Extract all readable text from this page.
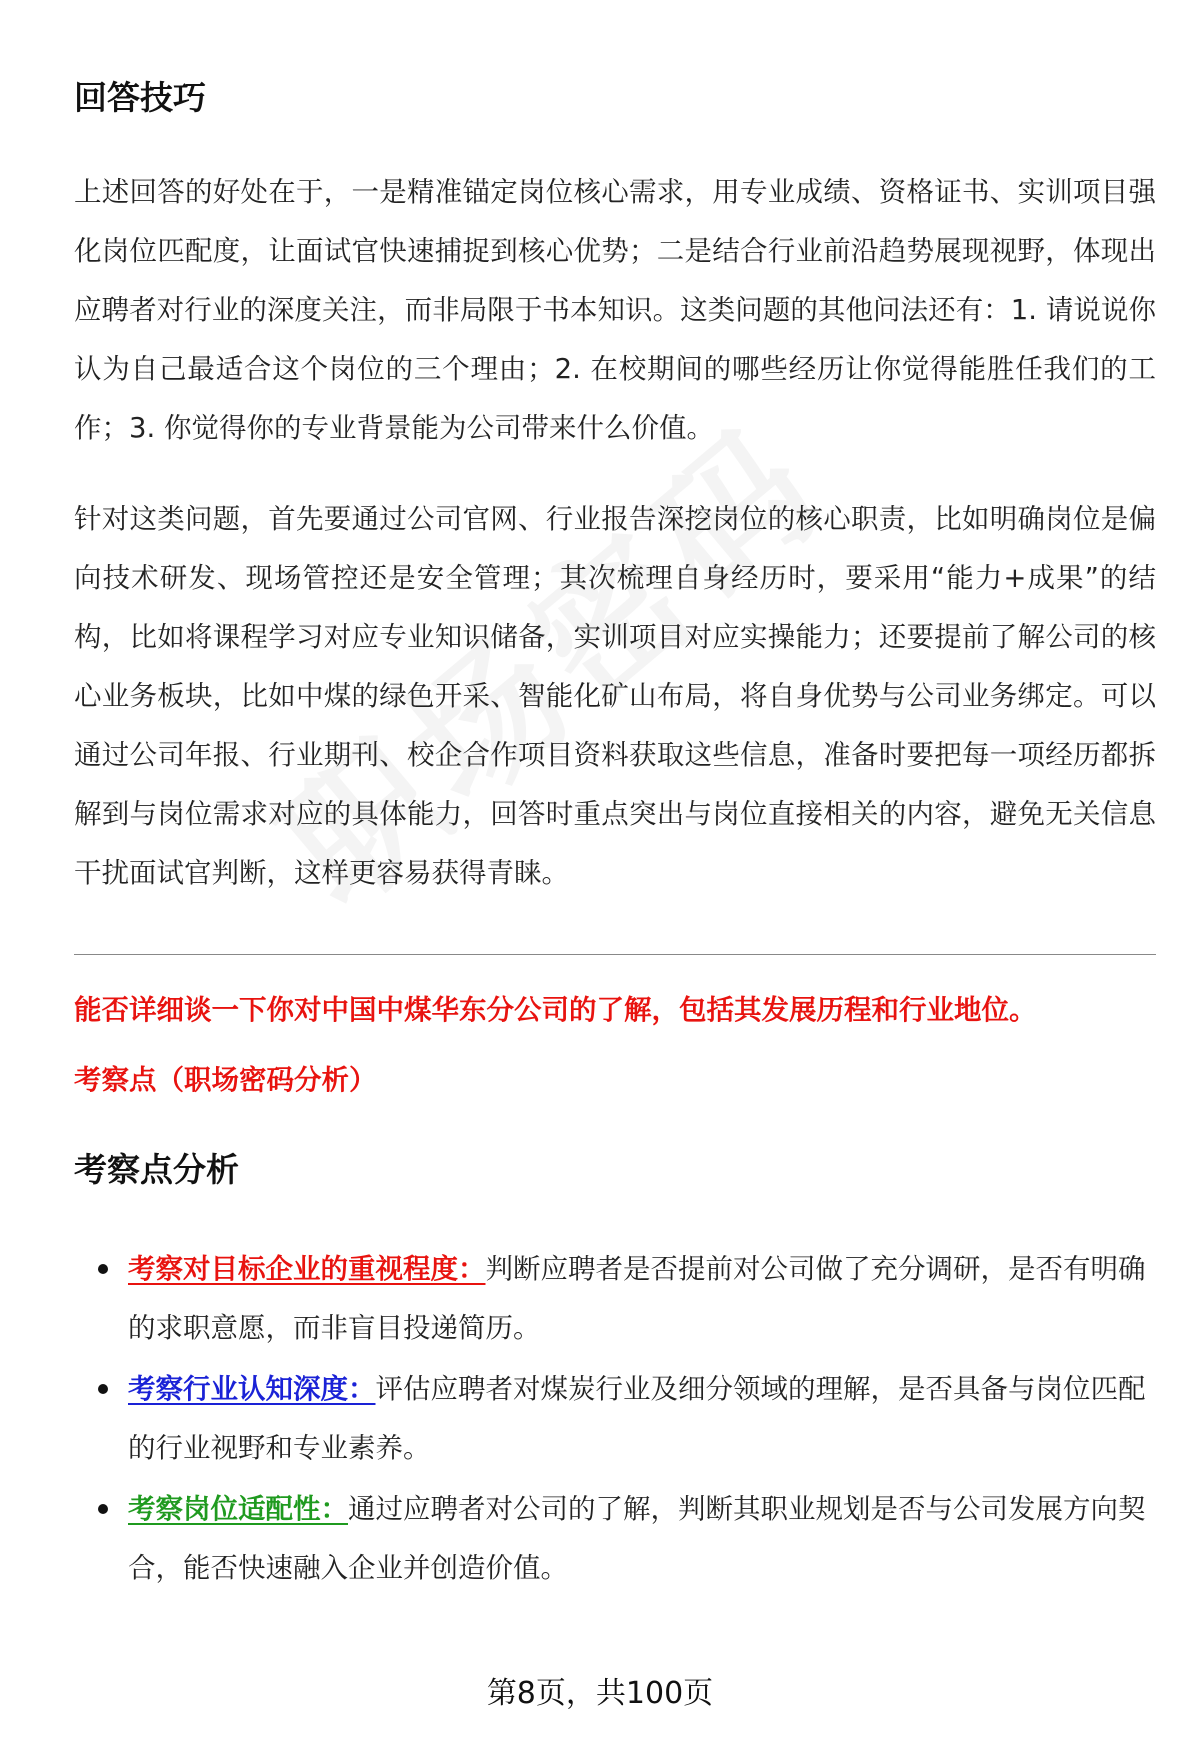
回答技巧

上述回答的好处在于，一是精准锚定岗位核心需求，用专业成绩、资格证书、实训项目强化岗位匹配度，让面试官快速捕捉到核心优势；二是结合行业前沿趋势展现视野，体现出应聘者对行业的深度关注，而非局限于书本知识。这类问题的其他问法还有：1. 请说说你认为自己最适合这个岗位的三个理由；2. 在校期间的哪些经历让你觉得能胜任我们的工作；3. 你觉得你的专业背景能为公司带来什么价值。

针对这类问题，首先要通过公司官网、行业报告深挖岗位的核心职责，比如明确岗位是偏向技术研发、现场管控还是安全管理；其次梳理自身经历时，要采用“能力+成果”的结构，比如将课程学习对应专业知识储备，实训项目对应实操能力；还要提前了解公司的核心业务板块，比如中煤的绿色开采、智能化矿山布局，将自身优势与公司业务绑定。可以通过公司年报、行业期刊、校企合作项目资料获取这些信息，准备时要把每一项经历都拆解到与岗位需求对应的具体能力，回答时重点突出与岗位直接相关的内容，避免无关信息干扰面试官判断，这样更容易获得青睐。

能否详细谈一下你对中国中煤华东分公司的了解，包括其发展历程和行业地位。

考察点（职场密码分析）

考察点分析
考察对目标企业的重视程度：判断应聘者是否提前对公司做了充分调研，是否有明确的求职意愿，而非盲目投递简历。
考察行业认知深度：评估应聘者对煤炭行业及细分领域的理解，是否具备与岗位匹配的行业视野和专业素养。
考察岗位适配性：通过应聘者对公司的了解，判断其职业规划是否与公司发展方向契合，能否快速融入企业并创造价值。
第8页，共100页
